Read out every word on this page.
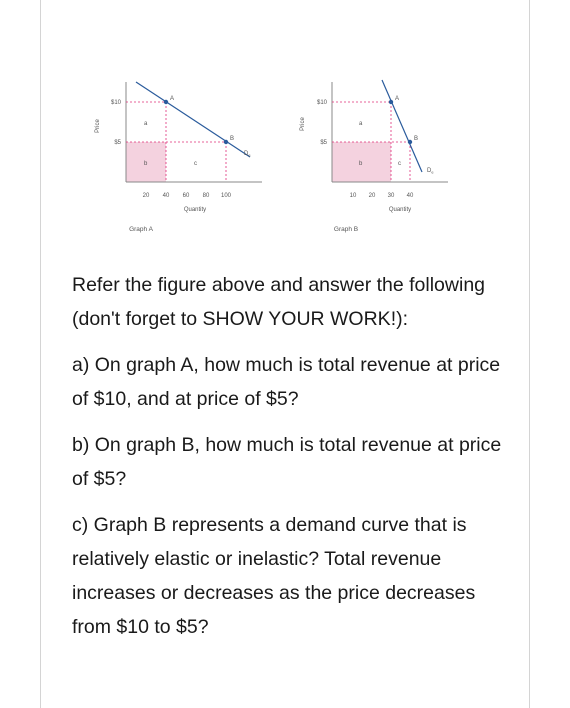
A
B
$D_e$
a
b	c
$10
$5
Price
20 40 60 80 100
Quantity
Graph A
A
B
$D_e$
a
b	c
$10
$5
Price
10 20 30 40
Quantity
Graph B

Refer the figure above and answer the following (don't forget to SHOW YOUR WORK!):

a) On graph A, how much is total revenue at price of $10, and at price of $5?

b) On graph B, how much is total revenue at price of $5?

c) Graph B represents a demand curve that is relatively elastic or inelastic? Total revenue increases or decreases as the price decreases from $10 to $5?
